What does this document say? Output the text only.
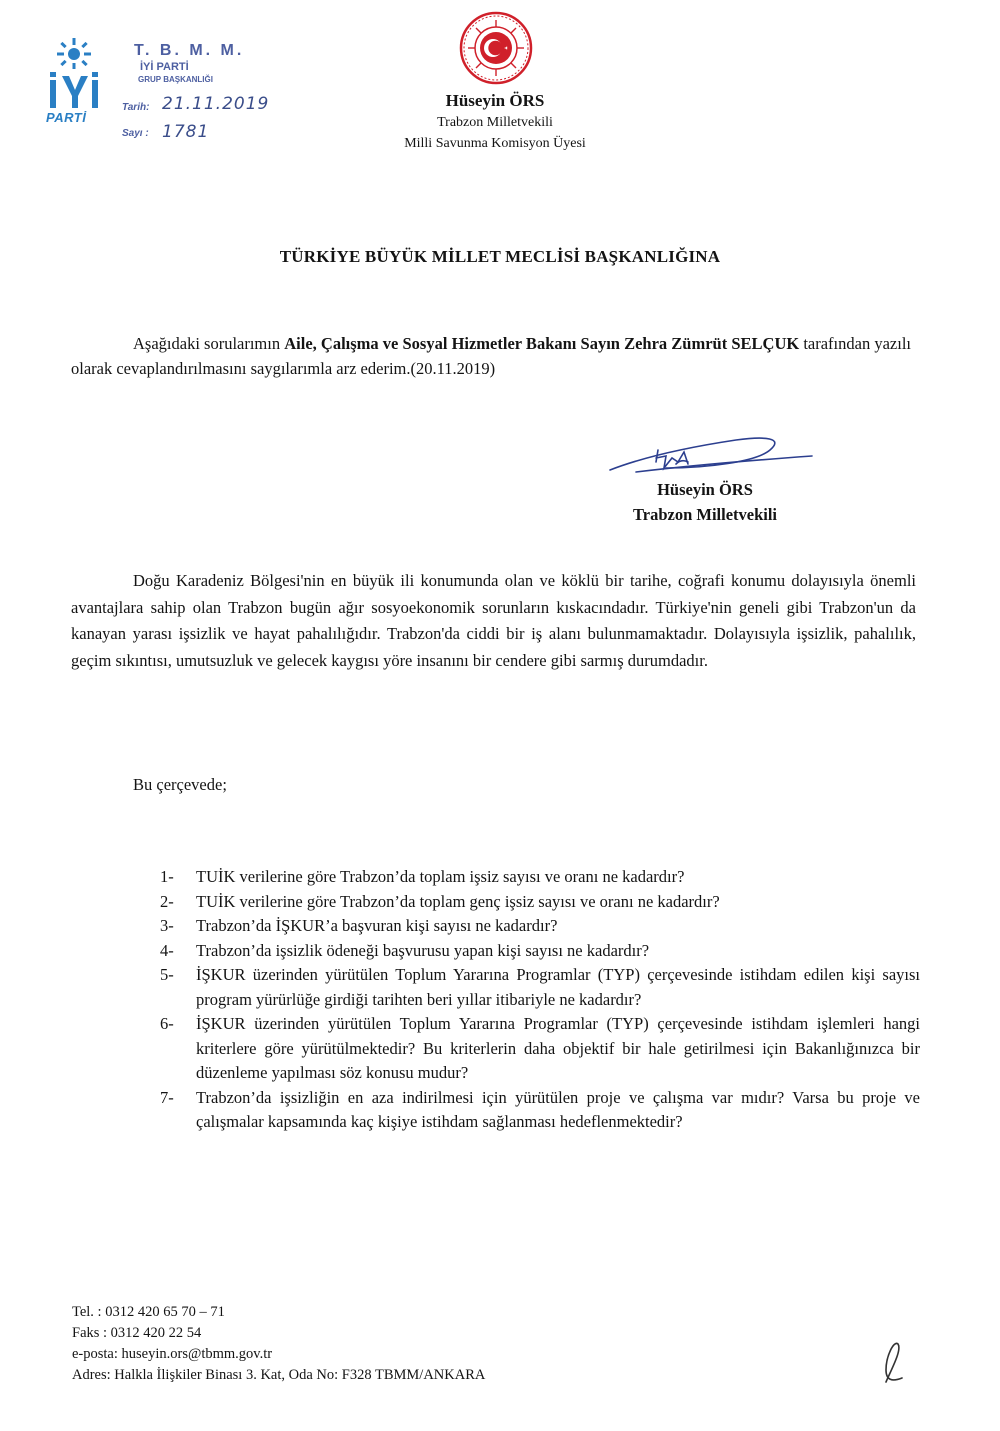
PARTİ
T. B. M. M.
İYİ PARTİ
GRUP BAŞKANLIĞI
Tarih: 21.11.2019
Sayı : 1781
Hüseyin ÖRS
Trabzon Milletvekili
Milli Savunma Komisyon Üyesi
TÜRKİYE BÜYÜK MİLLET MECLİSİ BAŞKANLIĞINA
Aşağıdaki sorularımın Aile, Çalışma ve Sosyal Hizmetler Bakanı Sayın Zehra Zümrüt SELÇUK tarafından yazılı olarak cevaplandırılmasını saygılarımla arz ederim.(20.11.2019)
Hüseyin ÖRS
Trabzon Milletvekili
Doğu Karadeniz Bölgesi'nin en büyük ili konumunda olan ve köklü bir tarihe, coğrafi konumu dolayısıyla önemli avantajlara sahip olan Trabzon bugün ağır sosyoekonomik sorunların kıskacındadır. Türkiye'nin geneli gibi Trabzon'un da kanayan yarası işsizlik ve hayat pahalılığıdır. Trabzon'da ciddi bir iş alanı bulunmamaktadır. Dolayısıyla işsizlik, pahalılık, geçim sıkıntısı, umutsuzluk ve gelecek kaygısı yöre insanını bir cendere gibi sarmış durumdadır.
Bu çerçevede;
1- TUİK verilerine göre Trabzon’da toplam işsiz sayısı ve oranı ne kadardır?
2- TUİK verilerine göre Trabzon’da toplam genç işsiz sayısı ve oranı ne kadardır?
3- Trabzon’da İŞKUR’a başvuran kişi sayısı ne kadardır?
4- Trabzon’da işsizlik ödeneği başvurusu yapan kişi sayısı ne kadardır?
5- İŞKUR üzerinden yürütülen Toplum Yararına Programlar (TYP) çerçevesinde istihdam edilen kişi sayısı program yürürlüğe girdiği tarihten beri yıllar itibariyle ne kadardır?
6- İŞKUR üzerinden yürütülen Toplum Yararına Programlar (TYP) çerçevesinde istihdam işlemleri hangi kriterlere göre yürütülmektedir? Bu kriterlerin daha objektif bir hale getirilmesi için Bakanlığınızca bir düzenleme yapılması söz konusu mudur?
7- Trabzon’da işsizliğin en aza indirilmesi için yürütülen proje ve çalışma var mıdır? Varsa bu proje ve çalışmalar kapsamında kaç kişiye istihdam sağlanması hedeflenmektedir?
Tel. : 0312 420 65 70 – 71
Faks : 0312 420 22 54
e-posta: huseyin.ors@tbmm.gov.tr
Adres: Halkla İlişkiler Binası 3. Kat, Oda No: F328 TBMM/ANKARA
